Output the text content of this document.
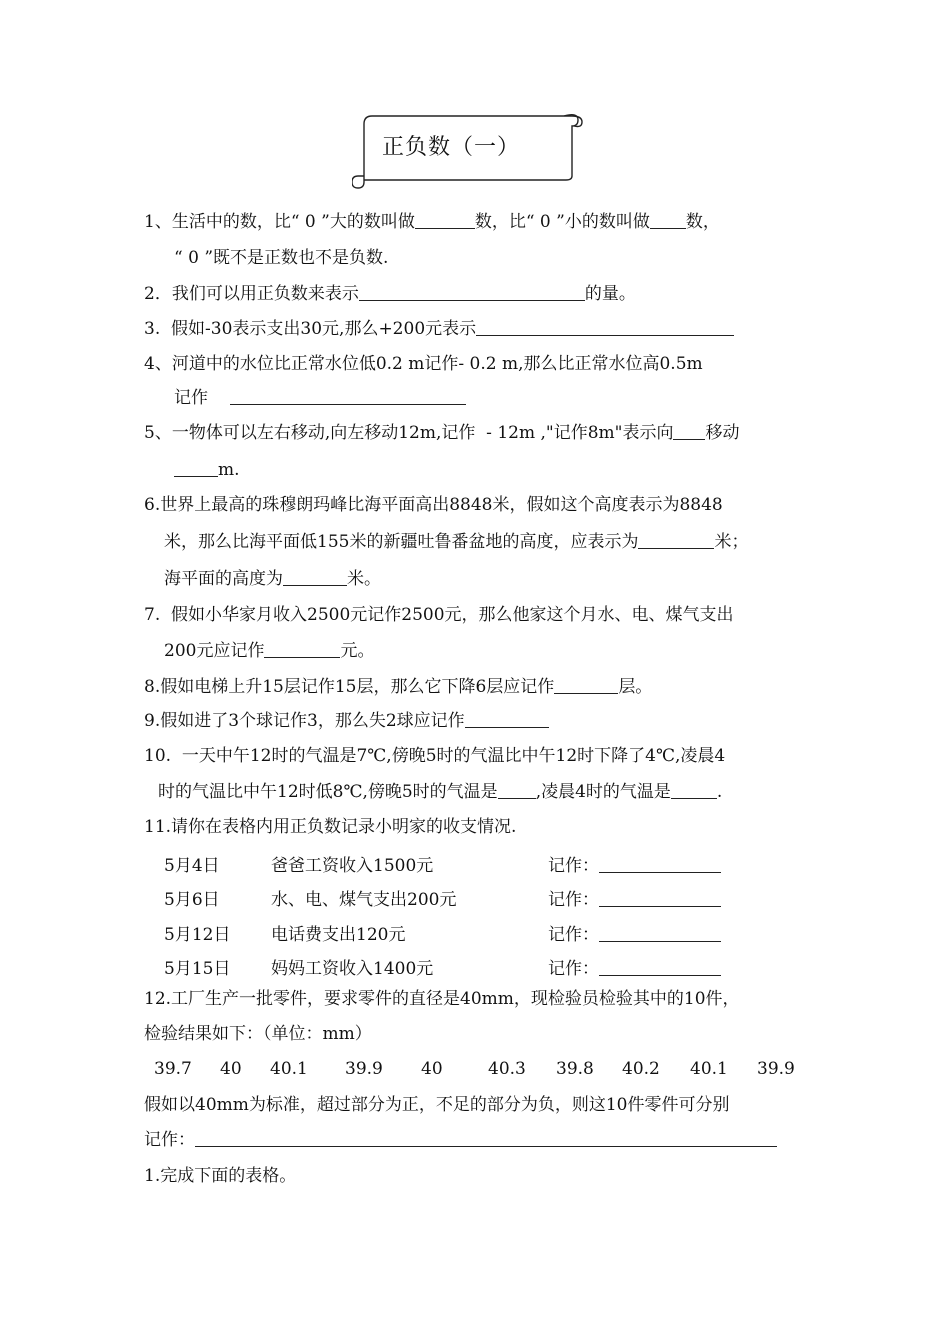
正负数（一）
1、生活中的数，比“ 0 ”大的数叫做	数，比“ 0 ”小的数叫做 数，
“ 0 ”既不是正数也不是负数.
2．我们可以用正负数来表示	的量。
3.  假如-30表示支出30元,那么+200元表示
4、河道中的水位比正常水位低0.2 m记作- 0.2 m,那么比正常水位高0.5m
记作
5、一物体可以左右移动,向左移动12m,记作  - 12m ,"记作8m"表示向 移动
m.
6.世界上最高的珠穆朗玛峰比海平面高出8848米，假如这个高度表示为8848
米，那么比海平面低155米的新疆吐鲁番盆地的高度，应表示为	米；
海平面的高度为	米。
7.  假如小华家月收入2500元记作2500元，那么他家这个月水、电、煤气支出
200元应记作	元。
8.假如电梯上升15层记作15层，那么它下降6层应记作	层。
9.假如进了3个球记作3，那么失2球应记作
10.  一天中午12时的气温是7℃,傍晚5时的气温比中午12时下降了4℃,凌晨4
时的气温比中午12时低8℃,傍晚5时的气温是 ,凌晨4时的气温是	.
11.请你在表格内用正负数记录小明家的收支情况.
5月4日	爸爸工资收入1500元	记作：
5月6日	水、电、煤气支出200元	记作：
5月12日 电话费支出120元	记作：
5月15日 妈妈工资收入1400元	记作：
12.工厂生产一批零件，要求零件的直径是40mm，现检验员检验其中的10件，
检验结果如下：（单位：mm）
39.7 40 40.1 39.9 40	40.3 39.8 40.2 40.1 39.9
假如以40mm为标准，超过部分为正，不足的部分为负，则这10件零件可分别
记作：
1.完成下面的表格。
